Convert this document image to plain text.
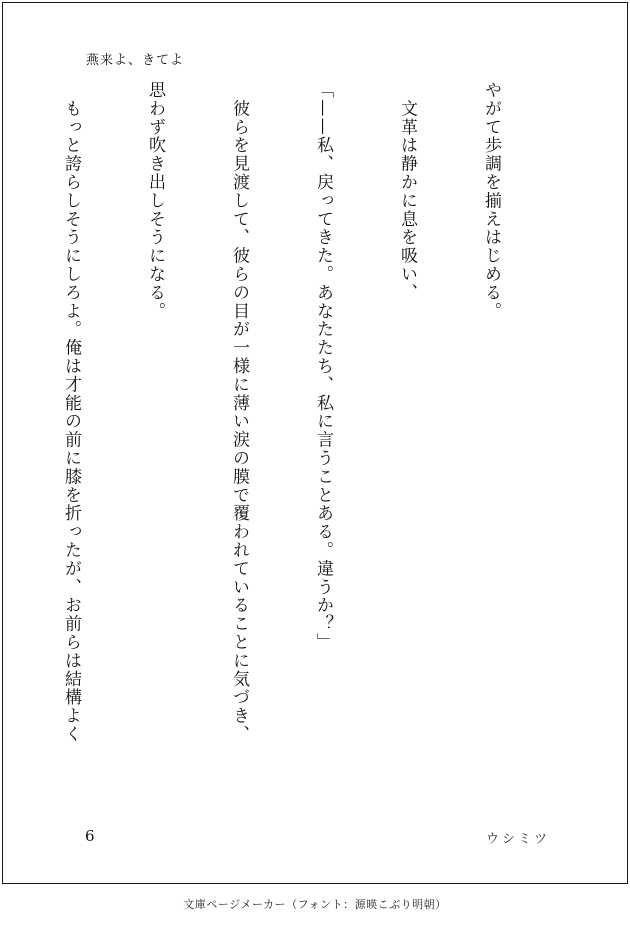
燕来よ、きてよ

やがて歩調を揃えはじめる。

　文革は静かに息を吸い、

「——私、戻ってきた。あなたたち、私に言うことある。違うか？」

　彼らを見渡して、彼らの目が一様に薄い涙の膜で覆われていることに気づき、

思わず吹き出しそうになる。

　もっと誇らしそうにしろよ。俺は才能の前に膝を折ったが、お前らは結構よく

6	ウシミツ
文庫ページメーカー（フォント：源暎こぶり明朝）
